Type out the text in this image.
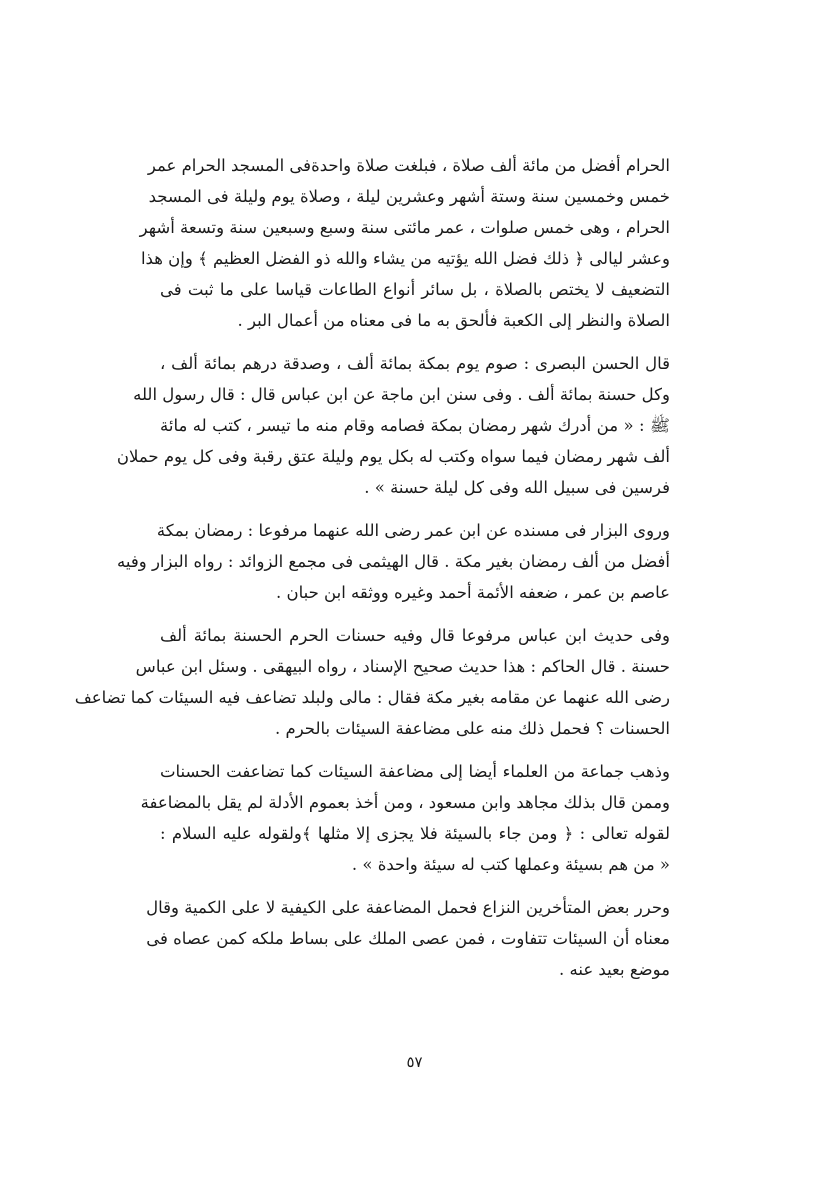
الحرام أفضل من مائة ألف صلاة ، فبلغت صلاة واحدةفى المسجد الحرام عمر
خمس وخمسين سنة وستة أشهر وعشرين ليلة ، وصلاة يوم وليلة فى المسجد
الحرام ، وهى خمس صلوات ، عمر مائتى سنة وسبع وسبعين سنة وتسعة أشهر
وعشر ليالى ﴿ ذلك فضل الله يؤتيه من يشاء والله ذو الفضل العظيم ﴾ وإن هذا
التضعيف لا يختص بالصلاة ، بل سائر أنواع الطاعات قياسا على ما ثبت فى
الصلاة والنظر إلى الكعبة فألحق به ما فى معناه من أعمال البر .
قال الحسن البصرى : صوم يوم بمكة بمائة ألف ، وصدقة درهم بمائة ألف ،
وكل حسنة بمائة ألف . وفى سنن ابن ماجة عن ابن عباس قال : قال رسول الله
ﷺ : « من أدرك شهر رمضان بمكة فصامه وقام منه ما تيسر ، كتب له مائة
ألف شهر رمضان فيما سواه وكتب له بكل يوم وليلة عتق رقبة وفى كل يوم حملان
فرسين فى سبيل الله وفى كل ليلة حسنة » .
وروى البزار فى مسنده عن ابن عمر رضى الله عنهما مرفوعا : رمضان بمكة
أفضل من ألف رمضان بغير مكة . قال الهيثمى فى مجمع الزوائد : رواه البزار وفيه
عاصم بن عمر ، ضعفه الأئمة أحمد وغيره ووثقه ابن حبان .
وفى حديث ابن عباس مرفوعا قال وفيه حسنات الحرم الحسنة بمائة ألف
حسنة . قال الحاكم : هذا حديث صحيح الإسناد ، رواه البيهقى . وسئل ابن عباس
رضى الله عنهما عن مقامه بغير مكة فقال : مالى ولبلد تضاعف فيه السيئات كما تضاعف
الحسنات ؟ فحمل ذلك منه على مضاعفة السيئات بالحرم .
وذهب جماعة من العلماء أيضا إلى مضاعفة السيئات كما تضاعفت الحسنات
وممن قال بذلك مجاهد وابن مسعود ، ومن أخذ بعموم الأدلة لم يقل بالمضاعفة
لقوله تعالى : ﴿ ومن جاء بالسيئة فلا يجزى إلا مثلها ﴾ولقوله عليه السلام :
« من هم بسيئة وعملها كتب له سيئة واحدة » .
وحرر بعض المتأخرين النزاع فحمل المضاعفة على الكيفية لا على الكمية وقال
معناه أن السيئات تتفاوت ، فمن عصى الملك على بساط ملكه كمن عصاه فى
موضع بعيد عنه .
٥٧
